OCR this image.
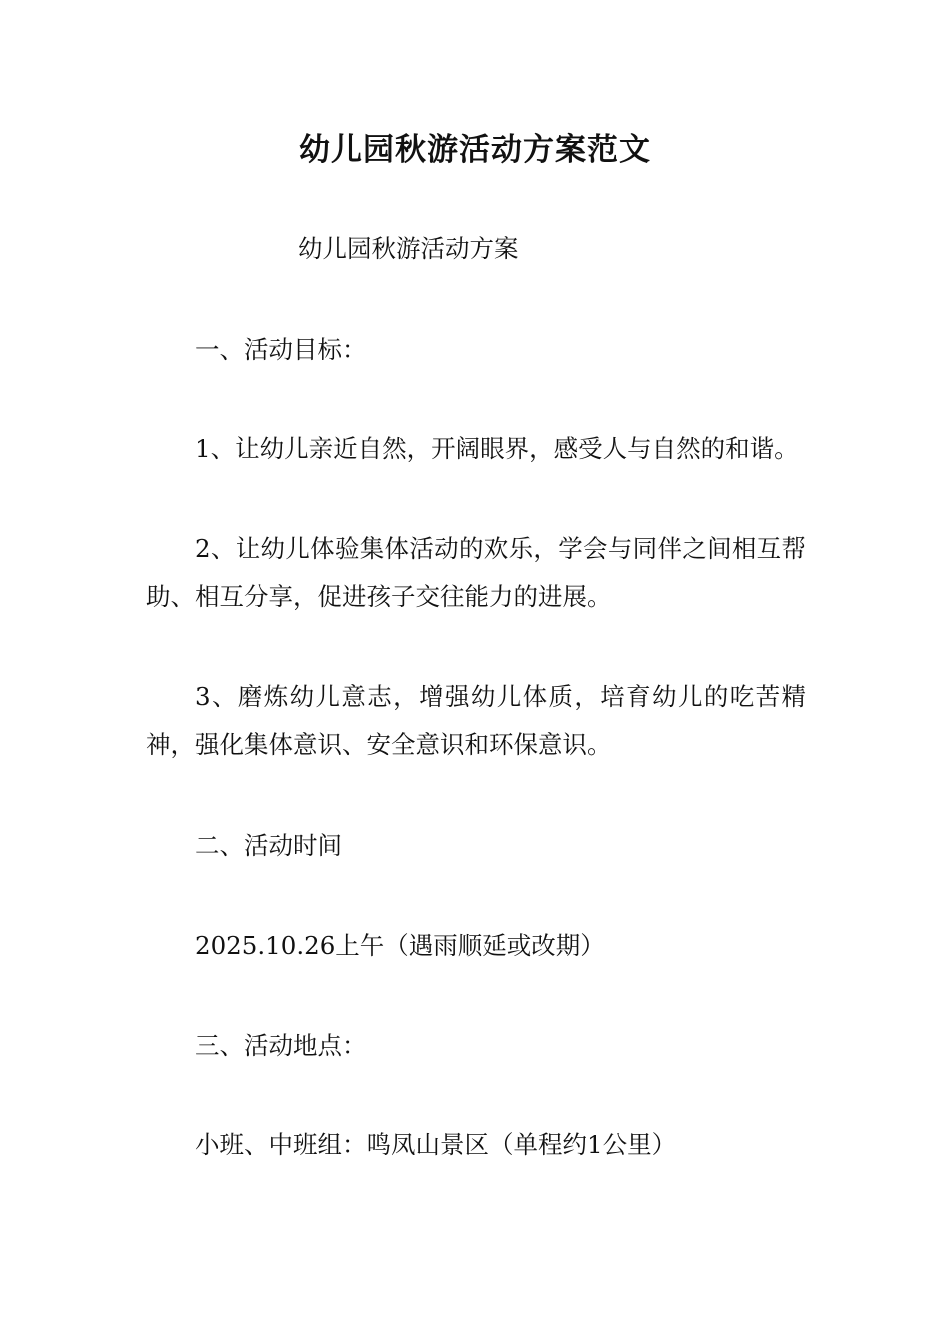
幼儿园秋游活动方案范文
幼儿园秋游活动方案
一、活动目标：
1、让幼儿亲近自然，开阔眼界，感受人与自然的和谐。
2、让幼儿体验集体活动的欢乐，学会与同伴之间相互帮助、相互分享，促进孩子交往能力的进展。
3、磨炼幼儿意志，增强幼儿体质，培育幼儿的吃苦精神，强化集体意识、安全意识和环保意识。
二、活动时间
2025.10.26上午（遇雨顺延或改期）
三、活动地点：
小班、中班组：鸣凤山景区（单程约1公里）
